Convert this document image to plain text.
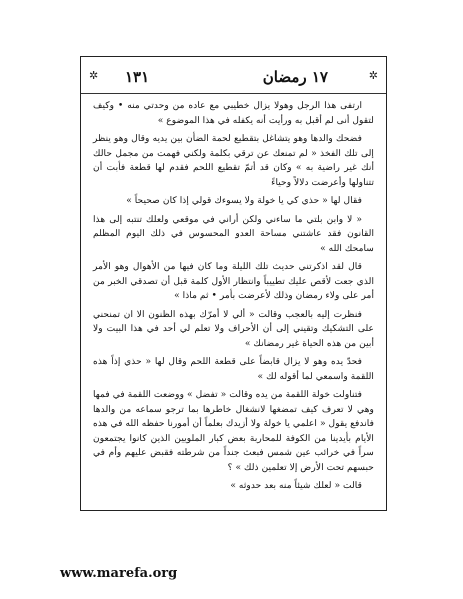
✲ ١٣١	١٧ رمضان	✲

ارتفى هذا الرجل وهولا يزال خطيبي مع عاده من وحدتي منه • وكيف لتقول أنى لم أقبل به ورأيت أنه يكفله في هذا الموضوع »

فضحك والدها وهو يتشاغل بتقطيع لحمة الضأن بين يديه وقال وهو ينظر إلى تلك الفخذ « لم تمنعك عن ترقي بكلمة ولكني فهمت من مجمل حالك أنك غير راضية به » وكان قد أتمّ تقطيع اللحم فقدم لها قطعة فأبت أن تتناولها وأعرضت دلالاً وحياءً

فقال لها « حذي كي يا خولة ولا يسوءك قولي إذا كان صحيحاً »

« لا وابن بلتي ما ساءني ولكن أراني في موقعي ولعلك تنتبه إلى هذا القانون فقد عاشتني مساحة العدو المحسوس في ذلك اليوم المظلم سامحك الله »

قال لقد اذكرتني حديث تلك الليلة وما كان فيها من الأهوال وهو الأمر الذي جعت لأقص عليك تطييباً وانتظار الأول كلمة قبل أن تصدقي الخبر من أمر على ولاء رمضان وذلك لأعرضت بأمر • ثم ماذا »

فنظرت إليه بالعجب وقالت « ألي لا أمرّك بهذه الظنون الا ان تمنحني على التشكيك وتقيني إلى أن الأحراف ولا تعلم لي أحد في هذا البيت ولا أبين من هذه الحياة غير رمضانك »

فحدّ يده وهو لا يزال قابضاً على قطعة اللحم وقال لها « حذي إذاً هذه اللقمة واسمعي لما أقوله لك »

فتناولت خولة اللقمة من يده وقالت « تفضل » ووضعت اللقمة في فمها وهي لا تعرف كيف تمضغها لانشغال خاطرها بما ترجو سماعه من والدها فاندفع يقول « اعلمي يا خولة ولا أزيدك بعلماً أن أمورنا حفظه الله في هذه الأيام بأيدينا من الكوفة للمحاربة بعض كبار الملويين الذين كانوا يجتمعون سراً في خرائب عين شمس فبعث جنداً من شرطته فقبض عليهم وأم في حبسهم تحت الأرض إلا تعلمين ذلك » ؟

قالت « لعلك شيئاً منه بعد حدوثه »

www.marefa.org
